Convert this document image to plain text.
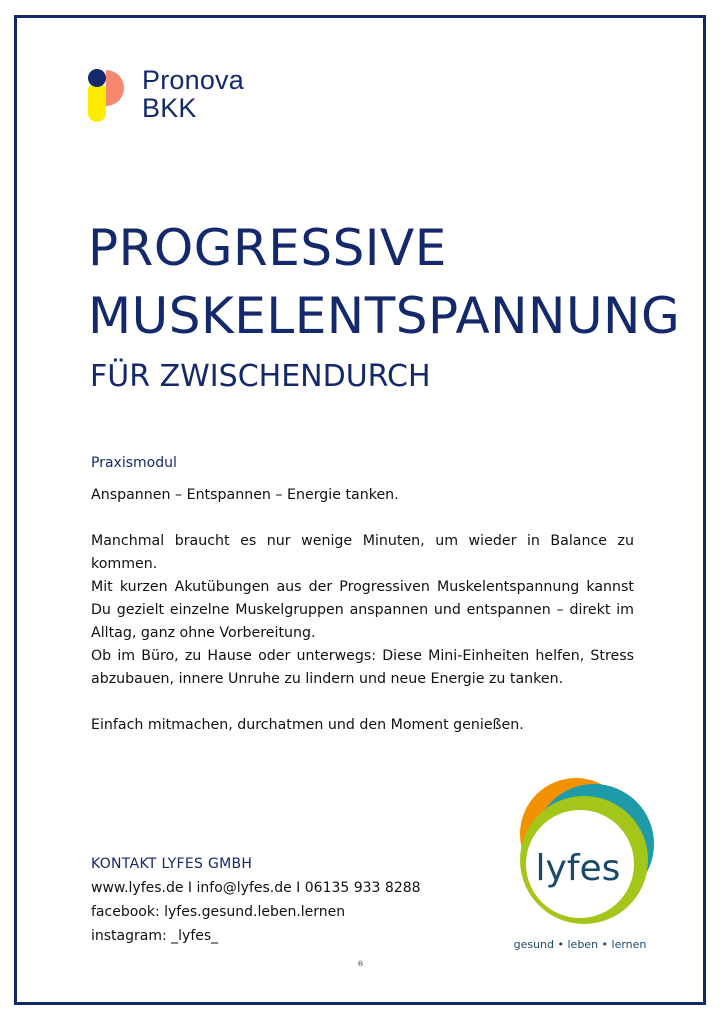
Pronova
BKK
PROGRESSIVE
MUSKELENTSPANNUNG
FÜR ZWISCHENDURCH
Praxismodul

Anspannen – Entspannen – Energie tanken.

Manchmal braucht es nur wenige Minuten, um wieder in Balance zu kommen.
Mit kurzen Akutübungen aus der Progressiven Muskelentspannung kannst Du gezielt einzelne Muskelgruppen anspannen und entspannen – direkt im Alltag, ganz ohne Vorbereitung.
Ob im Büro, zu Hause oder unterwegs: Diese Mini-Einheiten helfen, Stress abzubauen, innere Unruhe zu lindern und neue Energie zu tanken.

Einfach mitmachen, durchatmen und den Moment genießen.

KONTAKT LYFES GMBH
www.lyfes.de I info@lyfes.de I 06135 933 8288
facebook: lyfes.gesund.leben.lernen
instagram: _lyfes_
lyfes
gesund • leben • lernen
®
